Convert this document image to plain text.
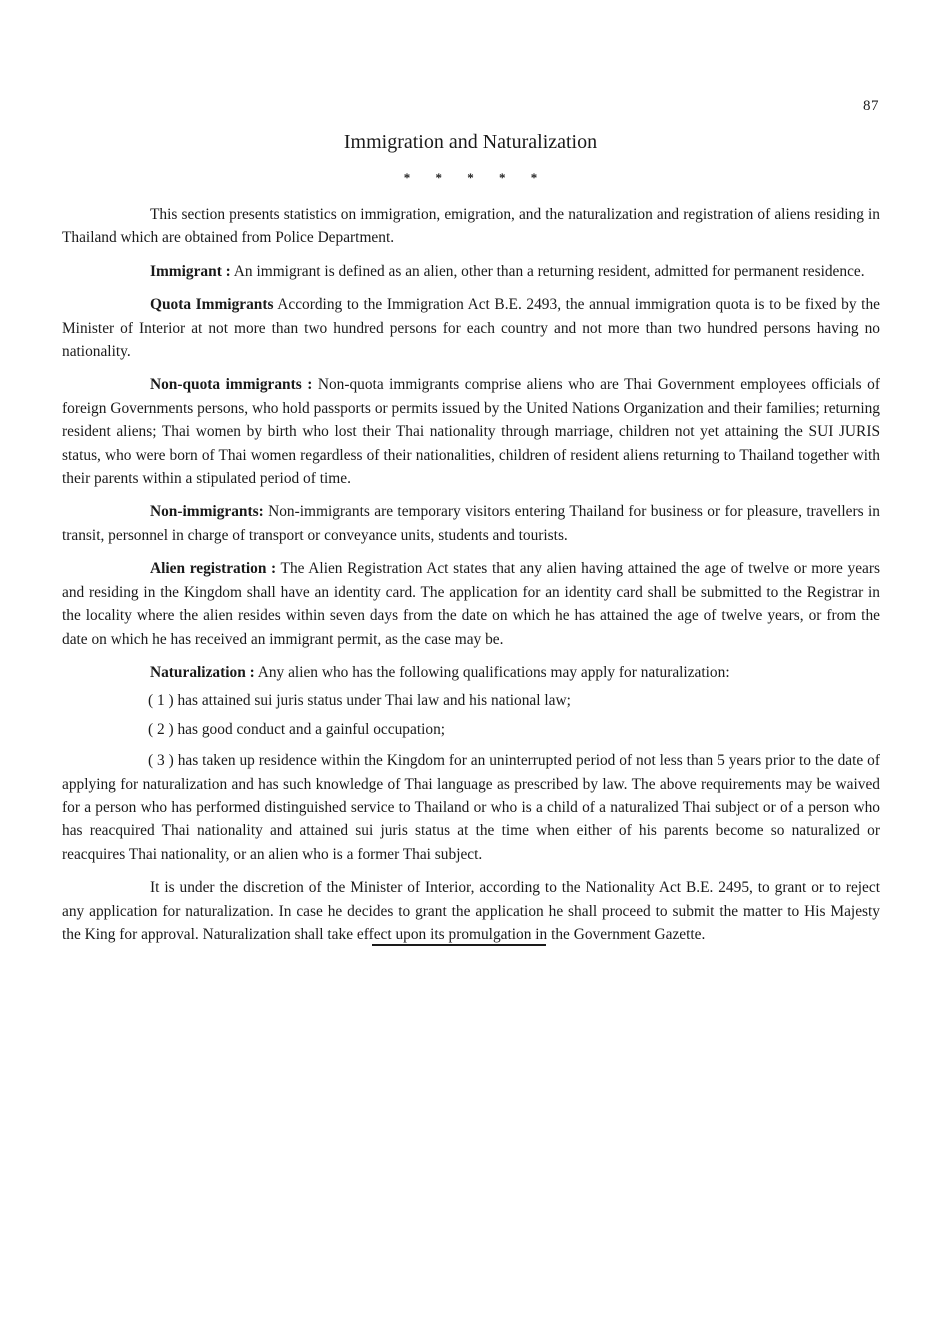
87
Immigration and Naturalization
* * * * *

This section presents statistics on immigration, emigration, and the naturalization and registration of aliens residing in Thailand which are obtained from Police Department.

Immigrant : An immigrant is defined as an alien, other than a returning resident, admitted for permanent residence.

Quota Immigrants According to the Immigration Act B.E. 2493, the annual immigration quota is to be fixed by the Minister of Interior at not more than two hundred persons for each country and not more than two hundred persons having no nationality.

Non-quota immigrants : Non-quota immigrants comprise aliens who are Thai Government employees officials of foreign Governments persons, who hold passports or permits issued by the United Nations Organization and their families; returning resident aliens; Thai women by birth who lost their Thai nationality through marriage, children not yet attaining the SUI JURIS status, who were born of Thai women regardless of their nationalities, children of resident aliens returning to Thailand together with their parents within a stipulated period of time.

Non-immigrants: Non-immigrants are temporary visitors entering Thailand for business or for pleasure, travellers in transit, personnel in charge of transport or conveyance units, students and tourists.

Alien registration : The Alien Registration Act states that any alien having attained the age of twelve or more years and residing in the Kingdom shall have an identity card. The application for an identity card shall be submitted to the Registrar in the locality where the alien resides within seven days from the date on which he has attained the age of twelve years, or from the date on which he has received an immigrant permit, as the case may be.

Naturalization : Any alien who has the following qualifications may apply for naturalization:

( 1 ) has attained sui juris status under Thai law and his national law;

( 2 ) has good conduct and a gainful occupation;

( 3 ) has taken up residence within the Kingdom for an uninterrupted period of not less than 5 years prior to the date of applying for naturalization and has such knowledge of Thai language as prescribed by law. The above requirements may be waived for a person who has performed distinguished service to Thailand or who is a child of a naturalized Thai subject or of a person who has reacquired Thai nationality and attained sui juris status at the time when either of his parents become so naturalized or reacquires Thai nationality, or an alien who is a former Thai subject.

It is under the discretion of the Minister of Interior, according to the Nationality Act B.E. 2495, to grant or to reject any application for naturalization. In case he decides to grant the application he shall proceed to submit the matter to His Majesty the King for approval. Naturalization shall take effect upon its promulgation in the Government Gazette.
